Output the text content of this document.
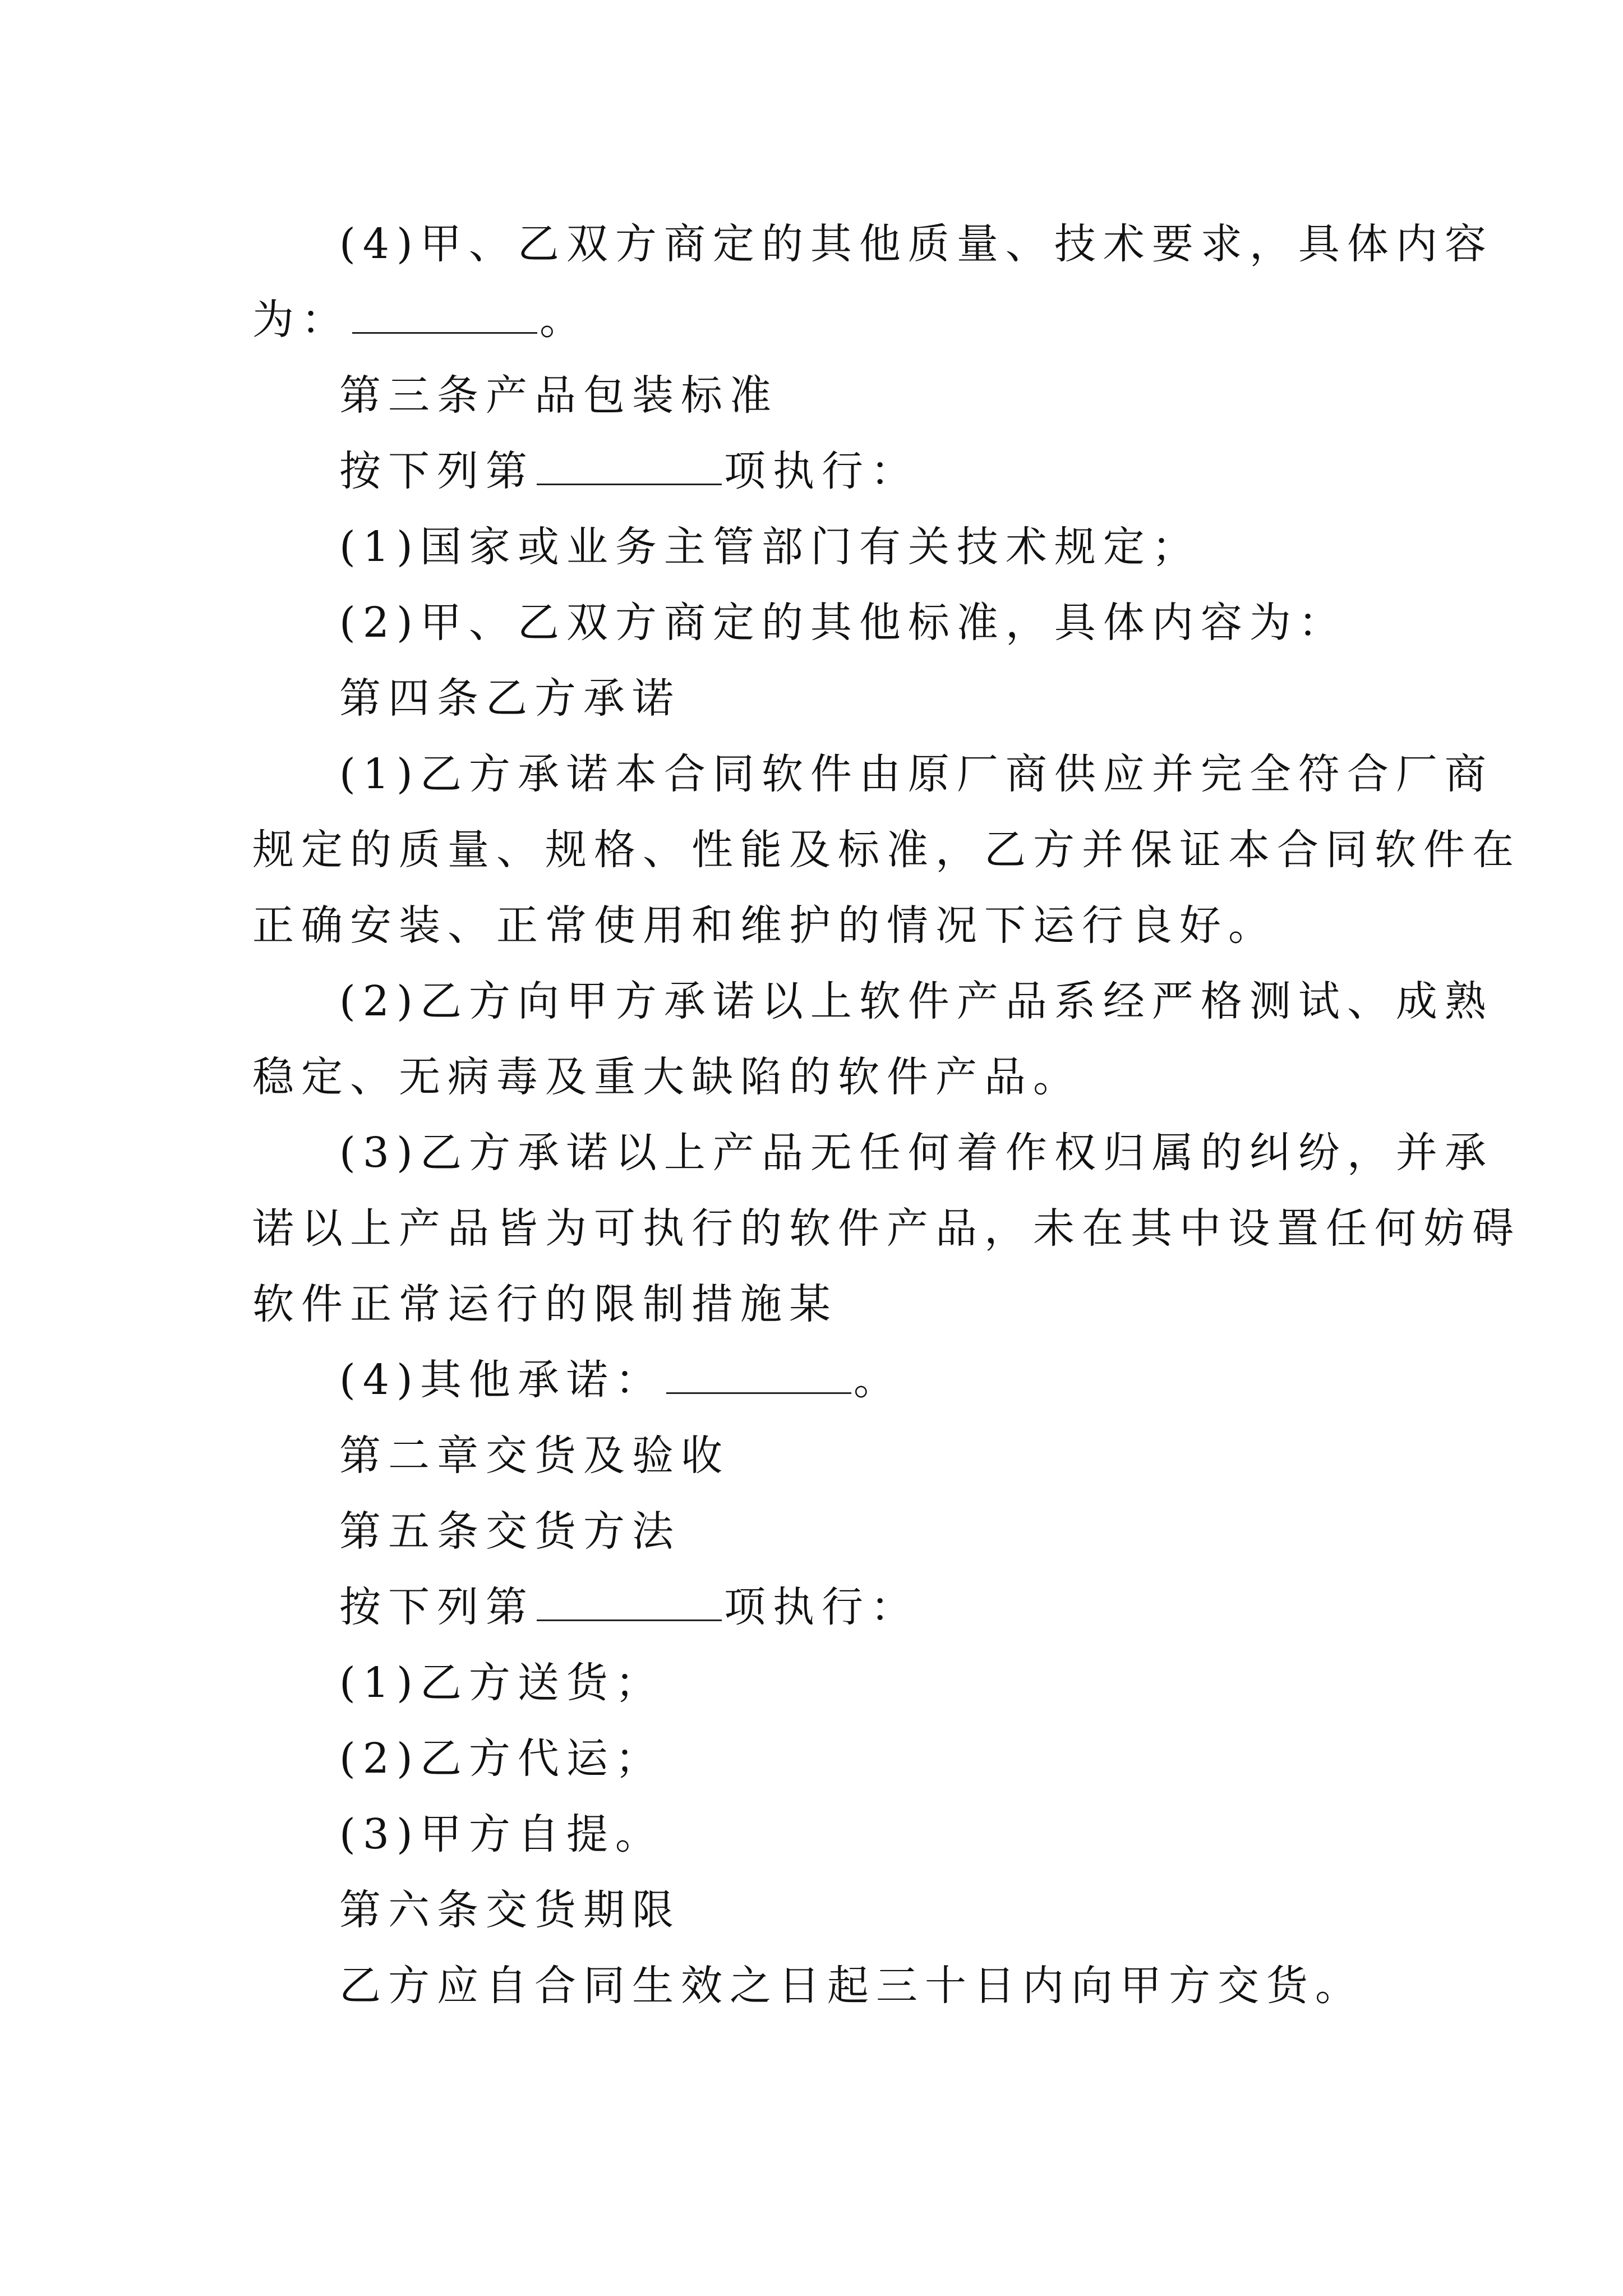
(4)甲、乙双方商定的其他质量、技术要求，具体内容
为：	。
第三条产品包装标准
按下列第	项执行：
(1)国家或业务主管部门有关技术规定；
(2)甲、乙双方商定的其他标准，具体内容为：
第四条乙方承诺
(1)乙方承诺本合同软件由原厂商供应并完全符合厂商
规定的质量、规格、性能及标准，乙方并保证本合同软件在
正确安装、正常使用和维护的情况下运行良好。
(2)乙方向甲方承诺以上软件产品系经严格测试、成熟
稳定、无病毒及重大缺陷的软件产品。
(3)乙方承诺以上产品无任何着作权归属的纠纷，并承
诺以上产品皆为可执行的软件产品，未在其中设置任何妨碍
软件正常运行的限制措施某
(4)其他承诺：	。
第二章交货及验收
第五条交货方法
按下列第	项执行：
(1)乙方送货；
(2)乙方代运；
(3)甲方自提。
第六条交货期限
乙方应自合同生效之日起三十日内向甲方交货。
